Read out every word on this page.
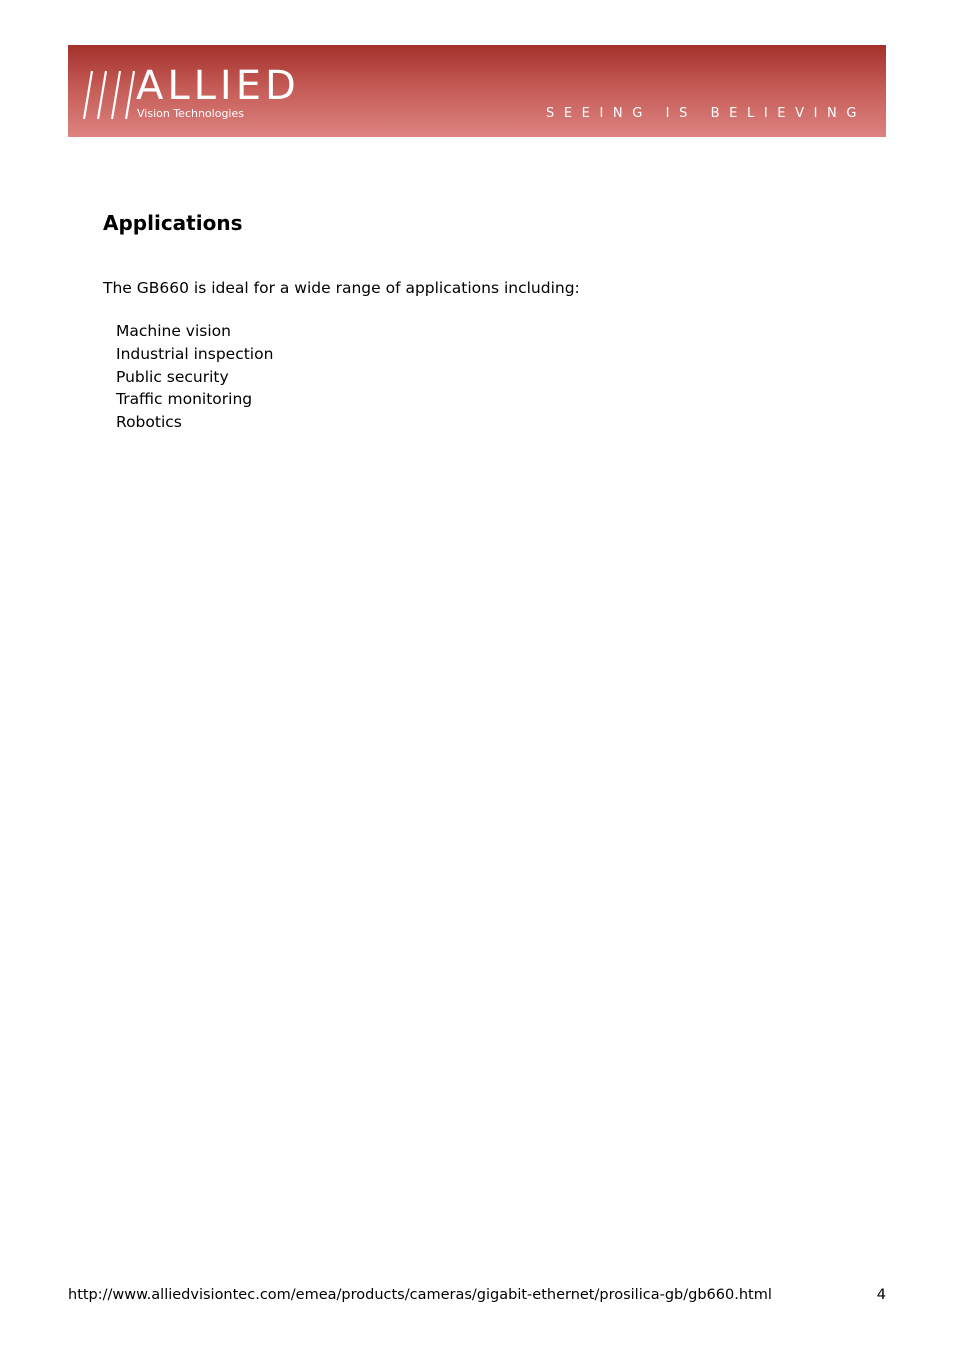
ALLIED
Vision Technologies	SEEING IS BELIEVING
Applications

The GB660 is ideal for a wide range of applications including:

Machine vision
Industrial inspection
Public security
Traffic monitoring
Robotics
http://www.alliedvisiontec.com/emea/products/cameras/gigabit-ethernet/prosilica-gb/gb660.html	4
